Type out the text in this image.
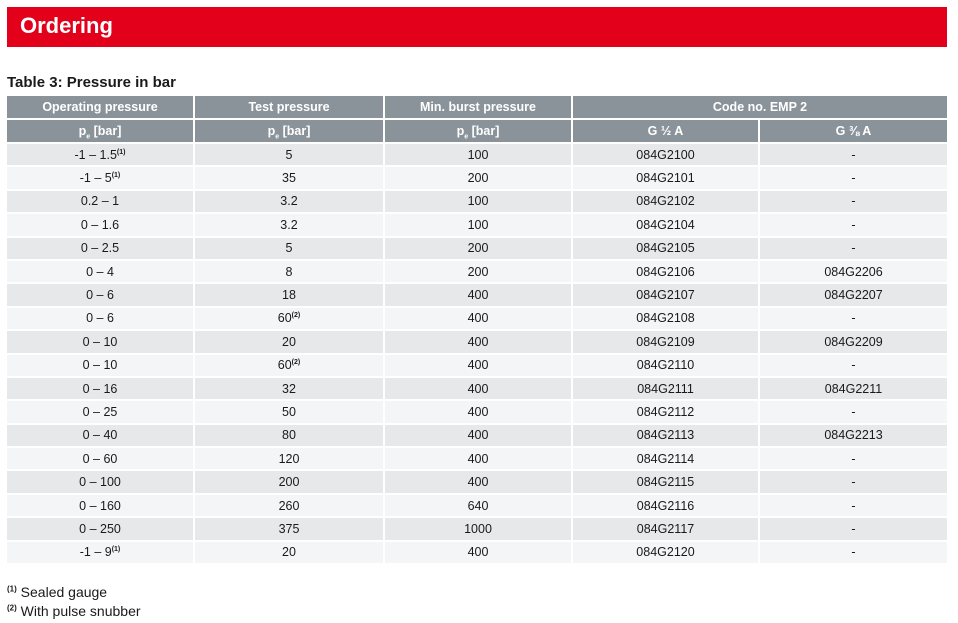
Ordering
Table 3: Pressure in bar
Operating pressure	Test pressure	Min. burst pressure	Code no. EMP 2	
$p_e$ [bar]	$p_e$ [bar]	$p_e$ [bar]	G ½ A	G ⅜ A
-1 – 1.5$^{(1)}$	5	100	084G2100	-
-1 – 5$^{(1)}$	35	200	084G2101	-
0.2 – 1	3.2	100	084G2102	-
0 – 1.6	3.2	100	084G2104	-
0 – 2.5	5	200	084G2105	-
0 – 4	8	200	084G2106	084G2206
0 – 6	18	400	084G2107	084G2207
0 – 6	60$^{(2)}$	400	084G2108	-
0 – 10	20	400	084G2109	084G2209
0 – 10	60$^{(2)}$	400	084G2110	-
0 – 16	32	400	084G2111	084G2211
0 – 25	50	400	084G2112	-
0 – 40	80	400	084G2113	084G2213
0 – 60	120	400	084G2114	-
0 – 100	200	400	084G2115	-
0 – 160	260	640	084G2116	-
0 – 250	375	1000	084G2117	-
-1 – 9$^{(1)}$	20	400	084G2120	-
$^{(1)}$ Sealed gauge
$^{(2)}$ With pulse snubber
